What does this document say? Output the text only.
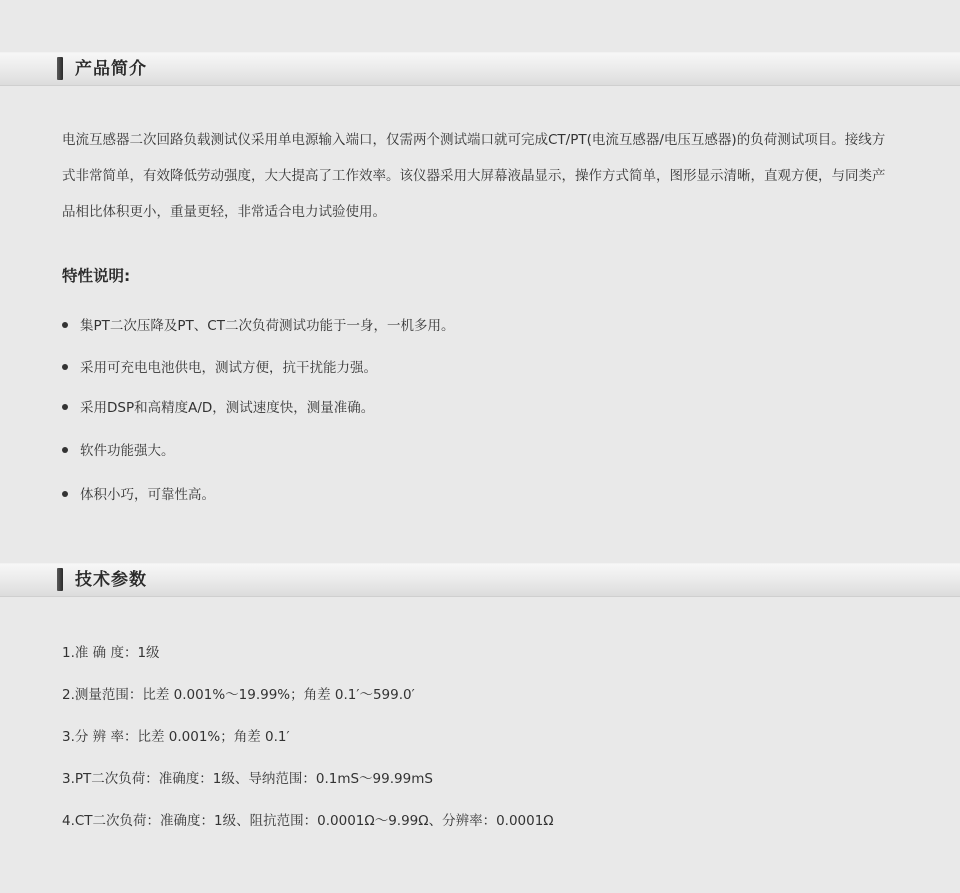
产品简介
电流互感器二次回路负载测试仪采用单电源输入端口，仅需两个测试端口就可完成CT/PT(电流互感器/电压互感器)的负荷测试项目。接线方式非常简单，有效降低劳动强度，大大提高了工作效率。该仪器采用大屏幕液晶显示，操作方式简单，图形显示清晰，直观方便，与同类产品相比体积更小，重量更轻，非常适合电力试验使用。
特性说明:
集PT二次压降及PT、CT二次负荷测试功能于一身，一机多用。
采用可充电电池供电，测试方便，抗干扰能力强。
采用DSP和高精度A/D，测试速度快，测量准确。
软件功能强大。
体积小巧，可靠性高。
技术参数
1.准 确 度：1级
2.测量范围：比差 0.001%～19.99%；角差 0.1′～599.0′
3.分 辨 率：比差 0.001%；角差 0.1′
3.PT二次负荷：准确度：1级、导纳范围：0.1mS～99.99mS
4.CT二次负荷：准确度：1级、阻抗范围：0.0001Ω～9.99Ω、分辨率：0.0001Ω
